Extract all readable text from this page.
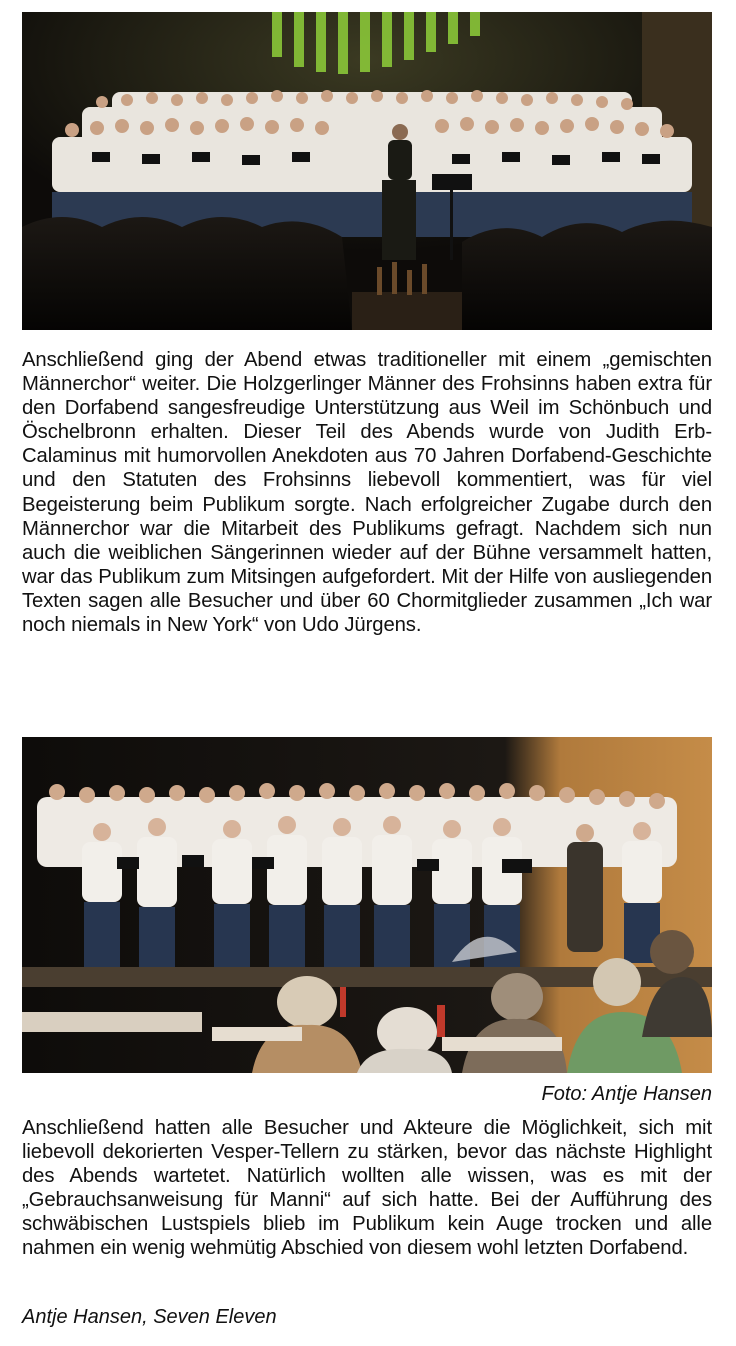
Anschließend ging der Abend etwas traditioneller mit einem „gemischten Männerchor“ weiter. Die Holzgerlinger Männer des Frohsinns haben extra für den Dorfabend sangesfreudige Unterstützung aus Weil im Schönbuch und Öschelbronn erhalten. Dieser Teil des Abends wurde von Judith Erb-Calaminus mit humorvollen Anekdoten aus 70 Jahren Dorfabend-Geschichte und den Statuten des Frohsinns liebevoll kommentiert, was für viel Begeisterung beim Publikum sorgte. Nach erfolgreicher Zugabe durch den Männerchor war die Mitarbeit des Publikums gefragt. Nachdem sich nun auch die weiblichen Sängerinnen wieder auf der Bühne versammelt hatten, war das Publikum zum Mitsingen aufgefordert. Mit der Hilfe von ausliegenden Texten sagen alle Besucher und über 60 Chormitglieder zusammen „Ich war noch niemals in New York“ von Udo Jürgens.

Foto: Antje Hansen

Anschließend hatten alle Besucher und Akteure die Möglichkeit, sich mit liebevoll dekorierten Vesper-Tellern zu stärken, bevor das nächste Highlight des Abends wartetet. Natürlich wollten alle wissen, was es mit der „Gebrauchsanweisung für Manni“ auf sich hatte. Bei der Aufführung des schwäbischen Lustspiels blieb im Publikum kein Auge trocken und alle nahmen ein wenig wehmütig Abschied von diesem wohl letzten Dorfabend.

Antje Hansen, Seven Eleven
